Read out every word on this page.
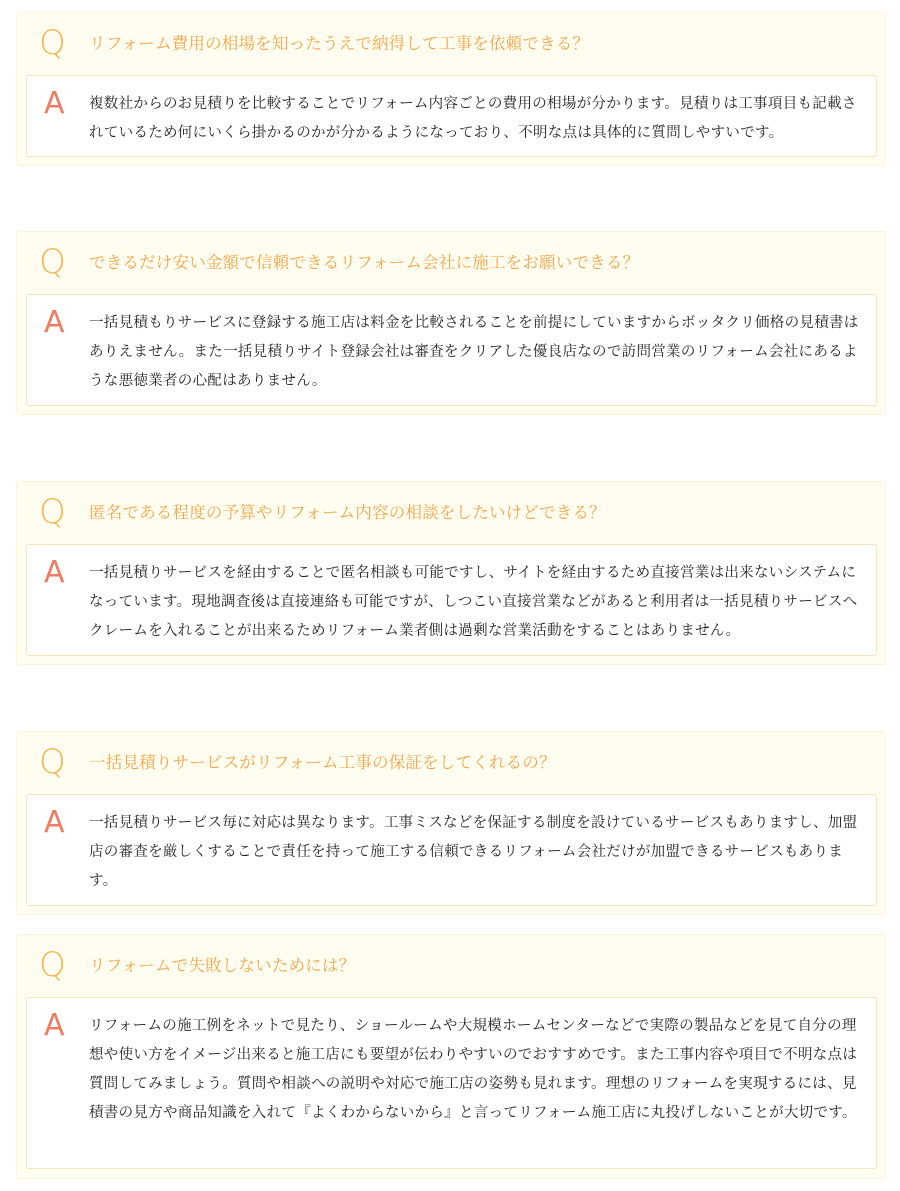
Q リフォーム費用の相場を知ったうえで納得して工事を依頼できる？
A 複数社からのお見積りを比較することでリフォーム内容ごとの費用の相場が分かります。見積りは工事項目も記載されているため何にいくら掛かるのかが分かるようになっており、不明な点は具体的に質問しやすいです。
Q できるだけ安い金額で信頼できるリフォーム会社に施工をお願いできる？
A 一括見積もりサービスに登録する施工店は料金を比較されることを前提にしていますからボッタクリ価格の見積書はありえません。また一括見積りサイト登録会社は審査をクリアした優良店なので訪問営業のリフォーム会社にあるような悪徳業者の心配はありません。
Q 匿名である程度の予算やリフォーム内容の相談をしたいけどできる？
A 一括見積りサービスを経由することで匿名相談も可能ですし、サイトを経由するため直接営業は出来ないシステムになっています。現地調査後は直接連絡も可能ですが、しつこい直接営業などがあると利用者は一括見積りサービスへクレームを入れることが出来るためリフォーム業者側は過剰な営業活動をすることはありません。
Q 一括見積りサービスがリフォーム工事の保証をしてくれるの？
A 一括見積りサービス毎に対応は異なります。工事ミスなどを保証する制度を設けているサービスもありますし、加盟店の審査を厳しくすることで責任を持って施工する信頼できるリフォーム会社だけが加盟できるサービスもあります。
Q リフォームで失敗しないためには？
A リフォームの施工例をネットで見たり、ショールームや大規模ホームセンターなどで実際の製品などを見て自分の理想や使い方をイメージ出来ると施工店にも要望が伝わりやすいのでおすすめです。また工事内容や項目で不明な点は質問してみましょう。質問や相談への説明や対応で施工店の姿勢も見れます。理想のリフォームを実現するには、見積書の見方や商品知識を入れて『よくわからないから』と言ってリフォーム施工店に丸投げしないことが大切です。
